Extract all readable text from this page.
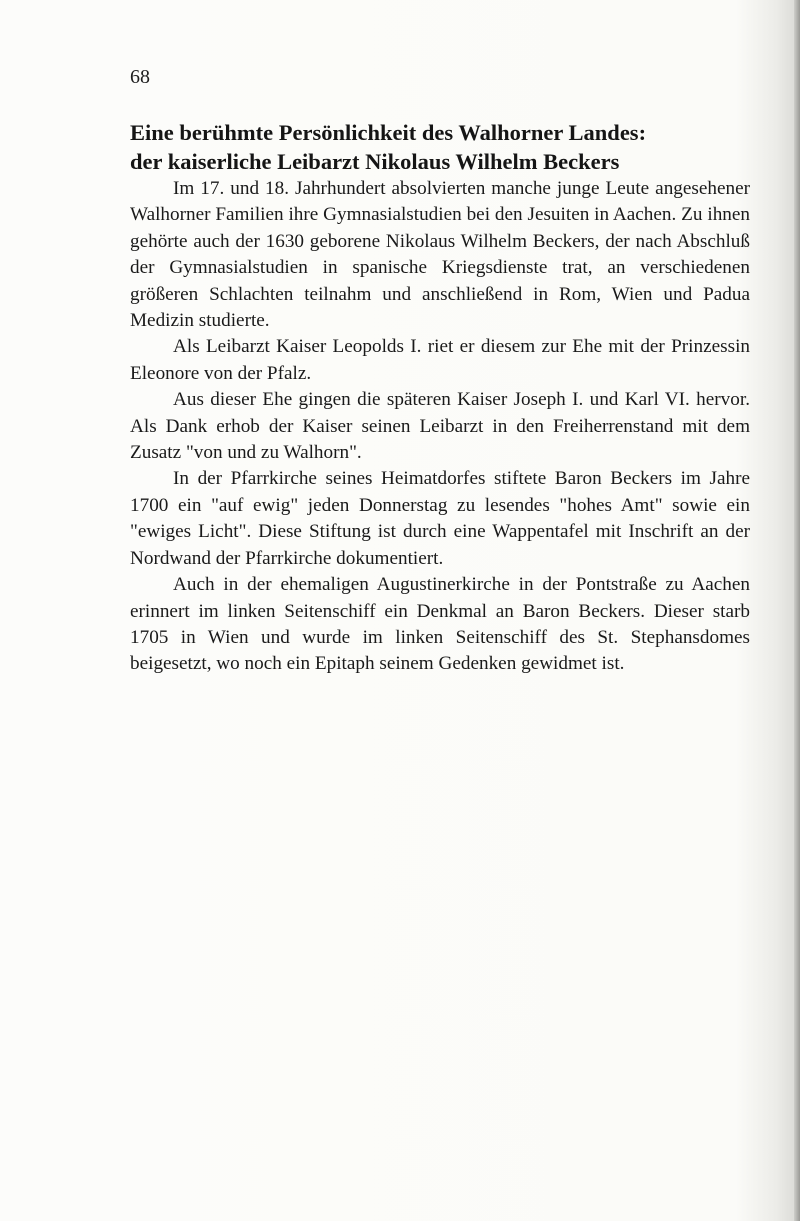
68

Eine berühmte Persönlichkeit des Walhorner Landes:
der kaiserliche Leibarzt Nikolaus Wilhelm Beckers

Im 17. und 18. Jahrhundert absolvierten manche junge Leute angesehener Walhorner Familien ihre Gymnasialstudien bei den Jesuiten in Aachen. Zu ihnen gehörte auch der 1630 geborene Nikolaus Wilhelm Beckers, der nach Abschluß der Gymnasialstudien in spanische Kriegsdienste trat, an verschiedenen größeren Schlachten teilnahm und anschließend in Rom, Wien und Padua Medizin studierte.

Als Leibarzt Kaiser Leopolds I. riet er diesem zur Ehe mit der Prinzessin Eleonore von der Pfalz.

Aus dieser Ehe gingen die späteren Kaiser Joseph I. und Karl VI. hervor. Als Dank erhob der Kaiser seinen Leibarzt in den Freiherrenstand mit dem Zusatz "von und zu Walhorn".

In der Pfarrkirche seines Heimatdorfes stiftete Baron Beckers im Jahre 1700 ein "auf ewig" jeden Donnerstag zu lesendes "hohes Amt" sowie ein "ewiges Licht". Diese Stiftung ist durch eine Wappentafel mit Inschrift an der Nordwand der Pfarrkirche dokumentiert.

Auch in der ehemaligen Augustinerkirche in der Pontstraße zu Aachen erinnert im linken Seitenschiff ein Denkmal an Baron Beckers. Dieser starb 1705 in Wien und wurde im linken Seitenschiff des St. Stephansdomes beigesetzt, wo noch ein Epitaph seinem Gedenken gewidmet ist.
